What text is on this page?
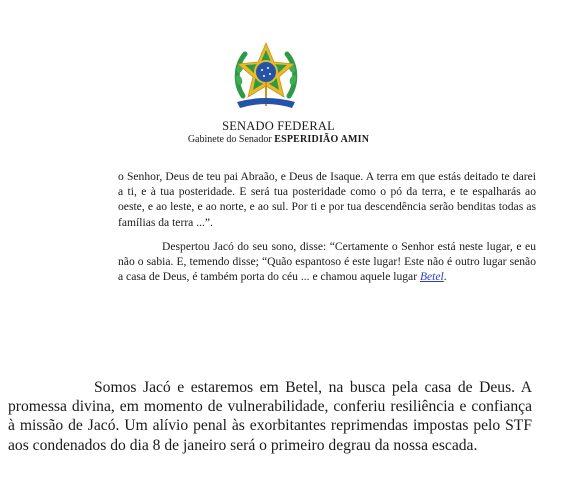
SENADO FEDERAL
Gabinete do Senador ESPERIDIÃO AMIN

o Senhor, Deus de teu pai Abraão, e Deus de Isaque. A terra em que estás deitado te darei a ti, e à tua posteridade. E será tua posteridade como o pó da terra, e te espalharás ao oeste, e ao leste, e ao norte, e ao sul. Por ti e por tua descendência serão benditas todas as famílias da terra ...”.

Despertou Jacó do seu sono, disse: “Certamente o Senhor está neste lugar, e eu não o sabia. E, temendo disse; “Quão espantoso é este lugar! Este não é outro lugar senão a casa de Deus, é também porta do céu ... e chamou aquele lugar Betel.

Somos Jacó e estaremos em Betel, na busca pela casa de Deus. A promessa divina, em momento de vulnerabilidade, conferiu resiliência e confiança à missão de Jacó. Um alívio penal às exorbitantes reprimendas impostas pelo STF aos condenados do dia 8 de janeiro será o primeiro degrau da nossa escada.
